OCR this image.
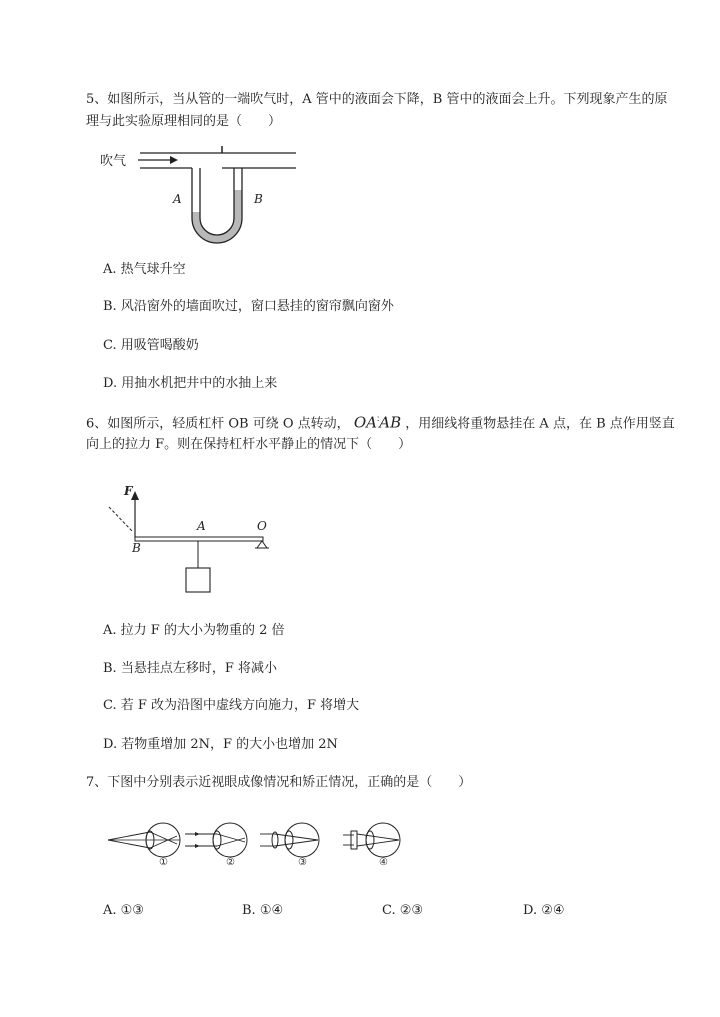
5、如图所示，当从管的一端吹气时，A 管中的液面会下降，B 管中的液面会上升。下列现象产生的原
理与此实验原理相同的是（　　）
吹气
A	B
A. 热气球升空
B. 风沿窗外的墙面吹过，窗口悬挂的窗帘飘向窗外
C. 用吸管喝酸奶
D. 用抽水机把井中的水抽上来
6、如图所示，轻质杠杆 OB 可绕 O 点转动， OA∶AB ，用细线将重物悬挂在 A 点，在 B 点作用竖直
向上的拉力 F。则在保持杠杆水平静止的情况下（　　）
F
A	O
B
A. 拉力 F 的大小为物重的 2 倍
B. 当悬挂点左移时，F 将减小
C. 若 F 改为沿图中虚线方向施力，F 将增大
D. 若物重增加 2N，F 的大小也增加 2N
7、下图中分别表示近视眼成像情况和矫正情况，正确的是（　　）
①	②	③	④
A. ①③	B. ①④	C. ②③	D. ②④
